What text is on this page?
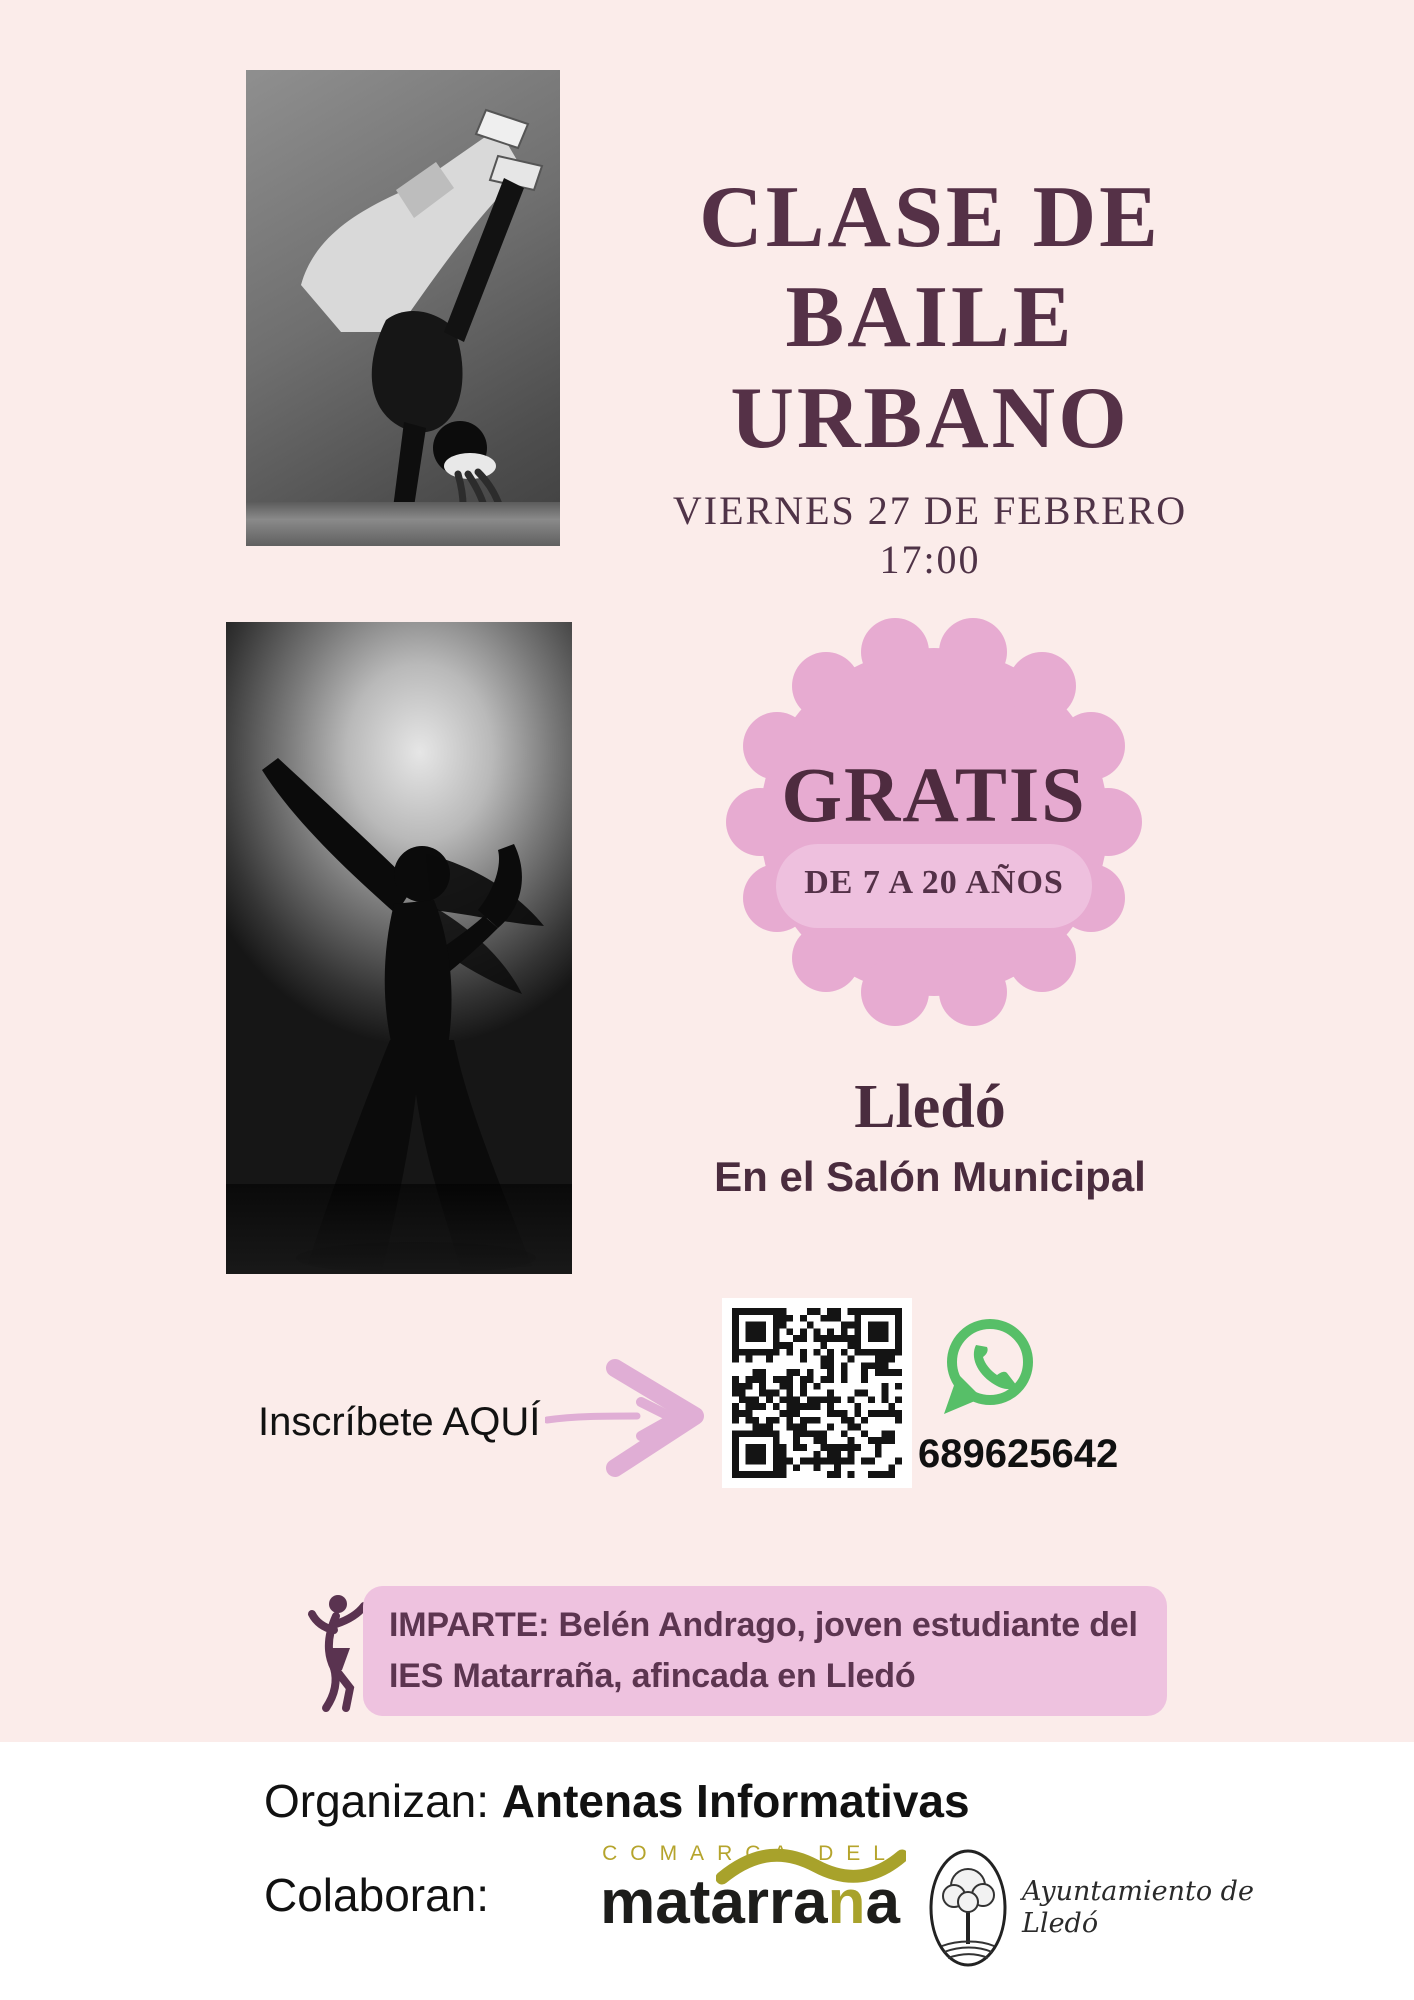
CLASE DE
BAILE
URBANO
VIERNES 27 DE FEBRERO
17:00
GRATIS
DE 7 A 20 AÑOS
Lledó
En el Salón Municipal
Inscríbete AQUÍ
689625642
IMPARTE: Belén Andrago, joven estudiante del IES Matarraña, afincada en Lledó
Organizan: Antenas Informativas
Colaboran:
COMARCA DEL
matarrana	Ayuntamiento de Lledó
